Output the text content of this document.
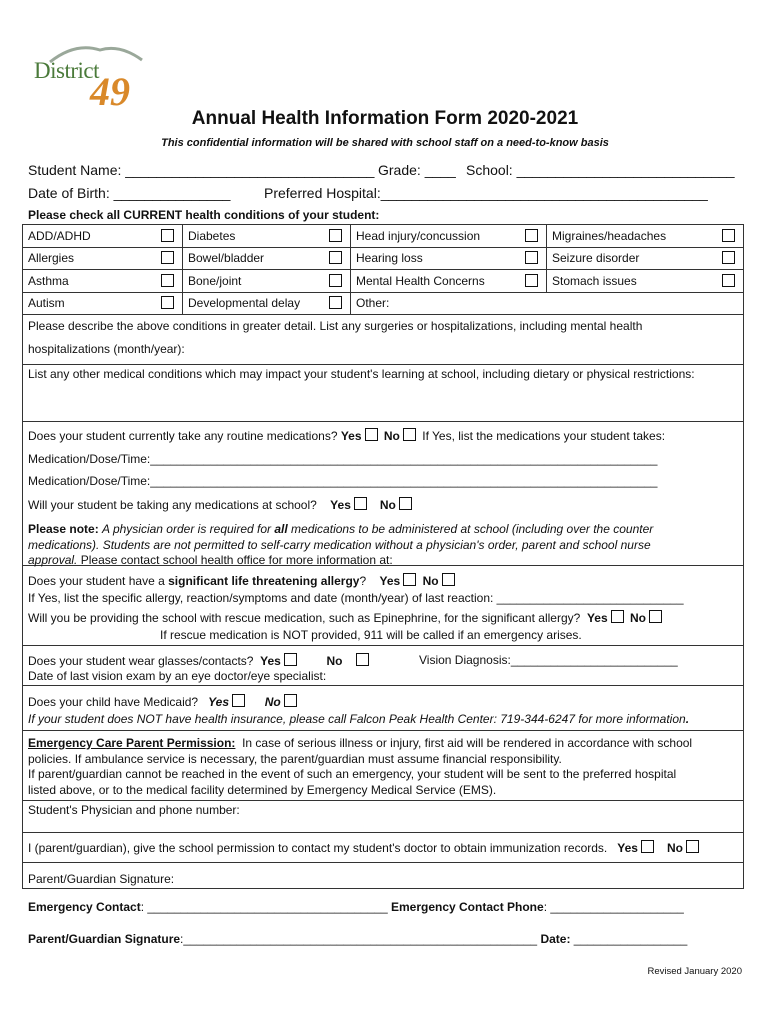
District
49
Annual Health Information Form 2020-2021
This confidential information will be shared with school staff on a need-to-know basis
Student Name: ________________________________ Grade: ____ School: ____________________________
Date of Birth: _______________ Preferred Hospital:__________________________________________
Please check all CURRENT health conditions of your student:
ADD/ADHD	Diabetes	Head injury/concussion	Migraines/headaches

Allergies	Bowel/bladder	Hearing loss	Seizure disorder

Asthma	Bone/joint	Mental Health Concerns	Stomach issues

Autism	Developmental delay	Other:	
Please describe the above conditions in greater detail. List any surgeries or hospitalizations, including mental health
hospitalizations (month/year):
List any other medical conditions which may impact your student's learning at school, including dietary or physical restrictions:
Does your student currently take any routine medications? Yes No If Yes, list the medications your student takes:
Medication/Dose/Time:____________________________________________________________________________
Medication/Dose/Time:____________________________________________________________________________
Will your student be taking any medications at school? Yes No
Please note: A physician order is required for all medications to be administered at school (including over the counter
medications). Students are not permitted to self-carry medication without a physician's order, parent and school nurse
approval. Please contact school health office for more information at:
Does your student have a significant life threatening allergy? Yes No
If Yes, list the specific allergy, reaction/symptoms and date (month/year) of last reaction: ____________________________
Will you be providing the school with rescue medication, such as Epinephrine, for the significant allergy? Yes No
If rescue medication is NOT provided, 911 will be called if an emergency arises.
Does your student wear glasses/contacts? Yes	No	Vision Diagnosis:_________________________
Date of last vision exam by an eye doctor/eye specialist:
Does your child have Medicaid? Yes	No
If your student does NOT have health insurance, please call Falcon Peak Health Center: 719-344-6247 for more information.
Emergency Care Parent Permission: In case of serious illness or injury, first aid will be rendered in accordance with school
policies. If ambulance service is necessary, the parent/guardian must assume financial responsibility.
If parent/guardian cannot be reached in the event of such an emergency, your student will be sent to the preferred hospital
listed above, or to the medical facility determined by Emergency Medical Service (EMS).
Student's Physician and phone number:
I (parent/guardian), give the school permission to contact my student's doctor to obtain immunization records. Yes No
Parent/Guardian Signature:
Emergency Contact: ____________________________________ Emergency Contact Phone: ____________________
Parent/Guardian Signature:_____________________________________________________ Date: _________________
Revised January 2020
